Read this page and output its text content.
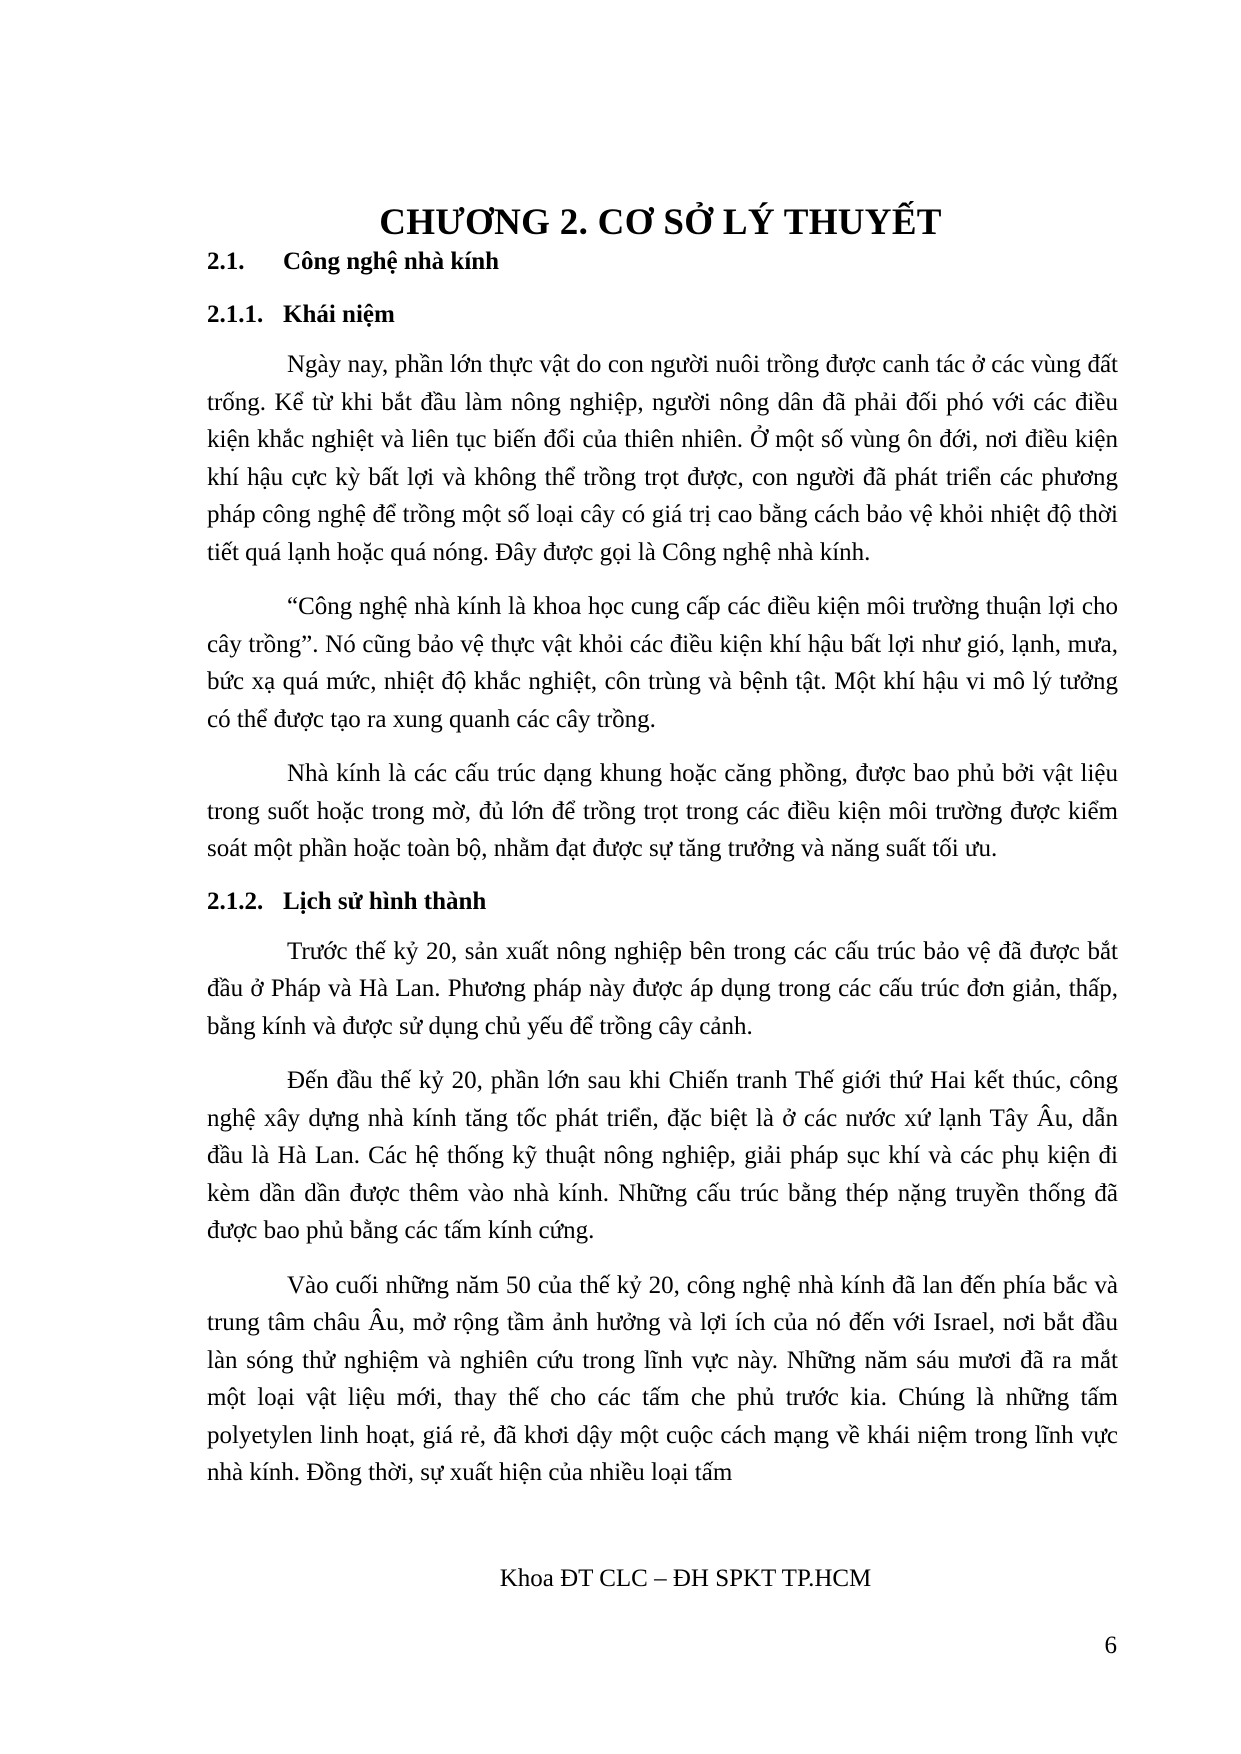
CHƯƠNG 2. CƠ SỞ LÝ THUYẾT
2.1.	Công nghệ nhà kính
2.1.1. Khái niệm

Ngày nay, phần lớn thực vật do con người nuôi trồng được canh tác ở các vùng đất trống. Kể từ khi bắt đầu làm nông nghiệp, người nông dân đã phải đối phó với các điều kiện khắc nghiệt và liên tục biến đổi của thiên nhiên. Ở một số vùng ôn đới, nơi điều kiện khí hậu cực kỳ bất lợi và không thể trồng trọt được, con người đã phát triển các phương pháp công nghệ để trồng một số loại cây có giá trị cao bằng cách bảo vệ khỏi nhiệt độ thời tiết quá lạnh hoặc quá nóng. Đây được gọi là Công nghệ nhà kính.

“Công nghệ nhà kính là khoa học cung cấp các điều kiện môi trường thuận lợi cho cây trồng”. Nó cũng bảo vệ thực vật khỏi các điều kiện khí hậu bất lợi như gió, lạnh, mưa, bức xạ quá mức, nhiệt độ khắc nghiệt, côn trùng và bệnh tật. Một khí hậu vi mô lý tưởng có thể được tạo ra xung quanh các cây trồng.

Nhà kính là các cấu trúc dạng khung hoặc căng phồng, được bao phủ bởi vật liệu trong suốt hoặc trong mờ, đủ lớn để trồng trọt trong các điều kiện môi trường được kiểm soát một phần hoặc toàn bộ, nhằm đạt được sự tăng trưởng và năng suất tối ưu.

2.1.2. Lịch sử hình thành

Trước thế kỷ 20, sản xuất nông nghiệp bên trong các cấu trúc bảo vệ đã được bắt đầu ở Pháp và Hà Lan. Phương pháp này được áp dụng trong các cấu trúc đơn giản, thấp, bằng kính và được sử dụng chủ yếu để trồng cây cảnh.

Đến đầu thế kỷ 20, phần lớn sau khi Chiến tranh Thế giới thứ Hai kết thúc, công nghệ xây dựng nhà kính tăng tốc phát triển, đặc biệt là ở các nước xứ lạnh Tây Âu, dẫn đầu là Hà Lan. Các hệ thống kỹ thuật nông nghiệp, giải pháp sục khí và các phụ kiện đi kèm dần dần được thêm vào nhà kính. Những cấu trúc bằng thép nặng truyền thống đã được bao phủ bằng các tấm kính cứng.

Vào cuối những năm 50 của thế kỷ 20, công nghệ nhà kính đã lan đến phía bắc và trung tâm châu Âu, mở rộng tầm ảnh hưởng và lợi ích của nó đến với Israel, nơi bắt đầu làn sóng thử nghiệm và nghiên cứu trong lĩnh vực này. Những năm sáu mươi đã ra mắt một loại vật liệu mới, thay thế cho các tấm che phủ trước kia. Chúng là những tấm polyetylen linh hoạt, giá rẻ, đã khơi dậy một cuộc cách mạng về khái niệm trong lĩnh vực nhà kính. Đồng thời, sự xuất hiện của nhiều loại tấm

Khoa ĐT CLC – ĐH SPKT TP.HCM
6
